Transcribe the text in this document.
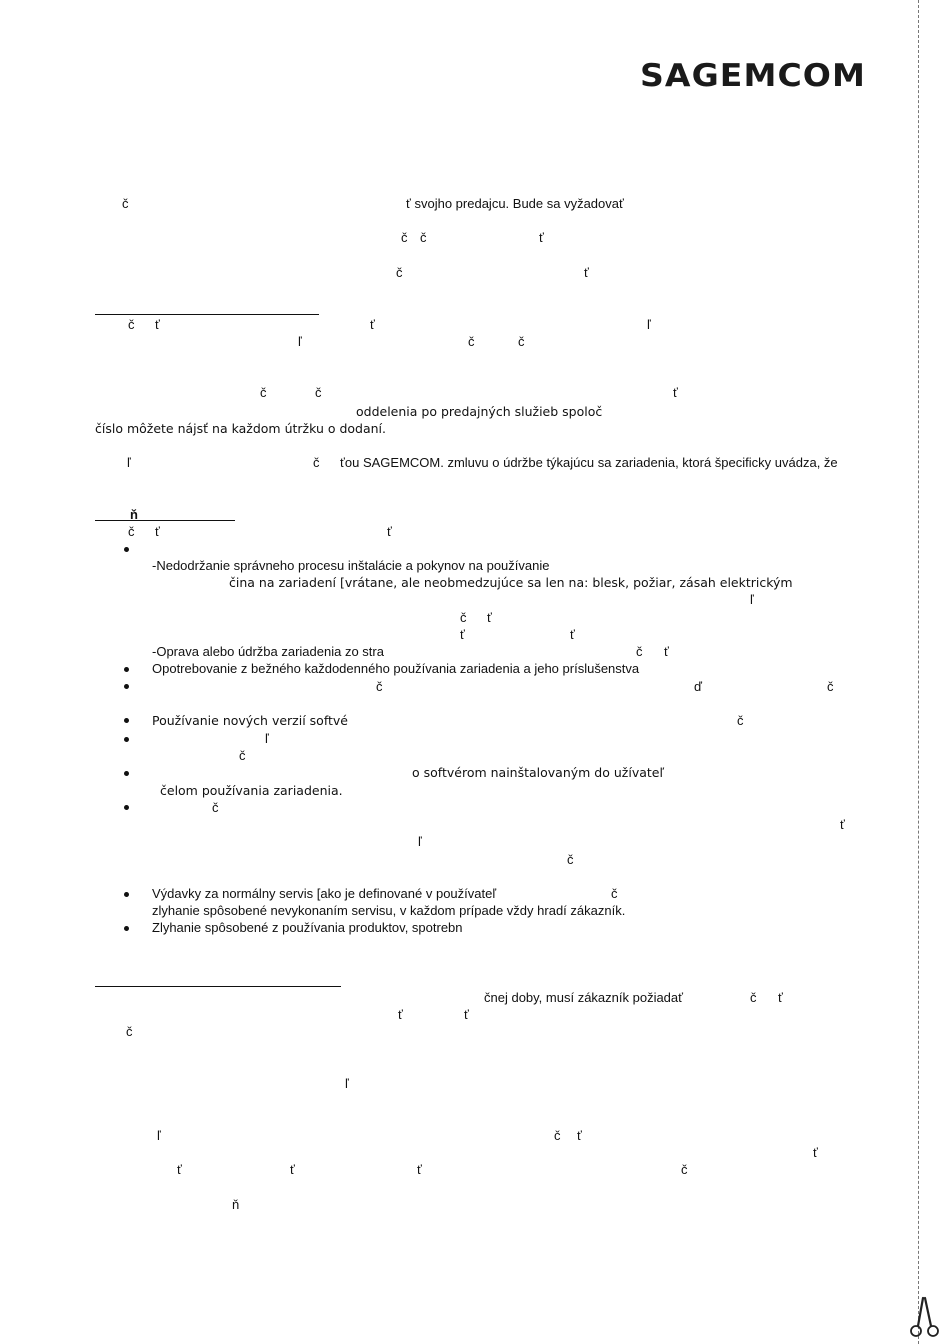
SAGEMCOM
č	ť svojho predajcu. Bude sa vyžadovať
č č	ť
č	ť
č ť	ť	ľ
ľ	č	č
č	č	ť
oddelenia po predajných služieb spoloč
číslo môžete nájsť na každom útržku o dodaní.
ľ	č ťou SAGEMCOM. zmluvu o údržbe týkajúcu sa zariadenia, ktorá špecificky uvádza, že
ň
č ť	ť
-Nedodržanie správneho procesu inštalácie a pokynov na používanie
čina na zariadení [vrátane, ale neobmedzujúce sa len na: blesk, požiar, zásah elektrickým
ľ
č ť
ť	ť
-Oprava alebo údržba zariadenia zo stra	č ť
Opotrebovanie z bežného každodenného používania zariadenia a jeho príslušenstva
č	ď	č
Používanie nových verzií softvé	č
ľ
č
o softvérom nainštalovaným do užívateľ
čelom používania zariadenia.
č
ť
ľ
č
Výdavky za normálny servis [ako je definované v používateľ	č
zlyhanie spôsobené nevykonaním servisu, v každom prípade vždy hradí zákazník.
Zlyhanie spôsobené z používania produktov, spotrebn
čnej doby, musí zákazník požiadať	č ť
ť	ť
č
ľ
ľ	č ť
ť
ť	ť	ť	č
ň
